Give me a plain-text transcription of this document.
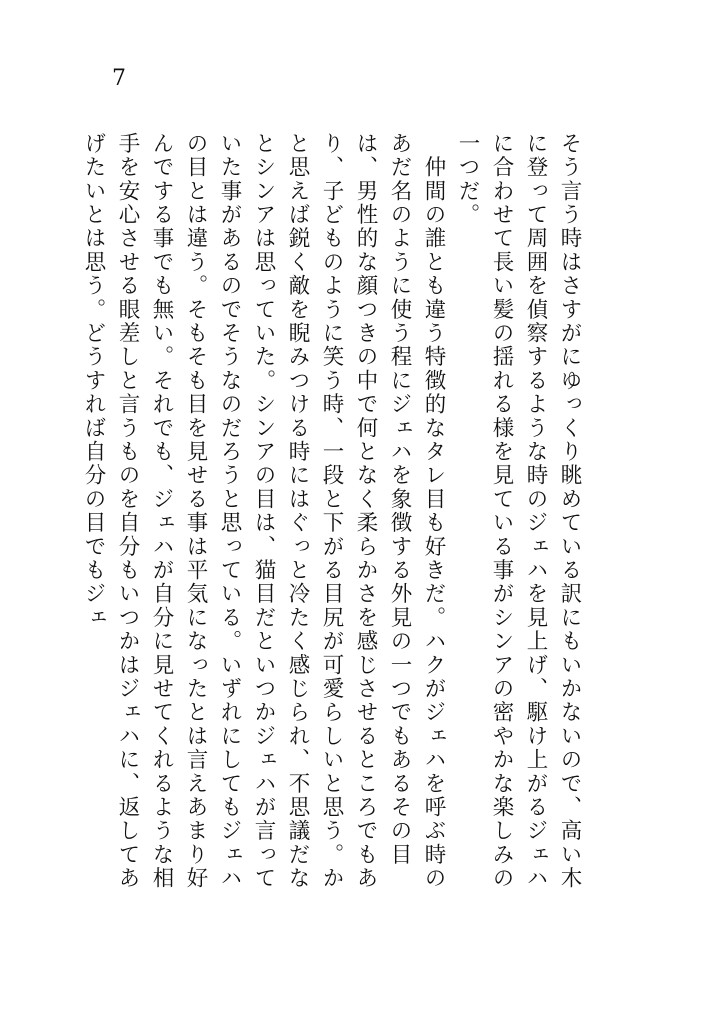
7

そう言う時はさすがにゆっくり眺めている訳にもいかないので、高い木に登って周囲を偵察するような時のジェハを見上げ、駆け上がるジェハに合わせて長い髪の揺れる様を見ている事がシンアの密やかな楽しみの一つだ。

　仲間の誰とも違う特徴的なタレ目も好きだ。ハクがジェハを呼ぶ時のあだ名のように使う程にジェハを象徴する外見の一つでもあるその目は、男性的な顔つきの中で何となく柔らかさを感じさせるところでもあり、子どものように笑う時、一段と下がる目尻が可愛らしいと思う。かと思えば鋭く敵を睨みつける時にはぐっと冷たく感じられ、不思議だなとシンアは思っていた。シンアの目は、猫目だといつかジェハが言っていた事があるのでそうなのだろうと思っている。いずれにしてもジェハの目とは違う。そもそも目を見せる事は平気になったとは言えあまり好んでする事でも無い。それでも、ジェハが自分に見せてくれるような相手を安心させる眼差しと言うものを自分もいつかはジェハに、返してあげたいとは思う。どうすれば自分の目でもジェ
